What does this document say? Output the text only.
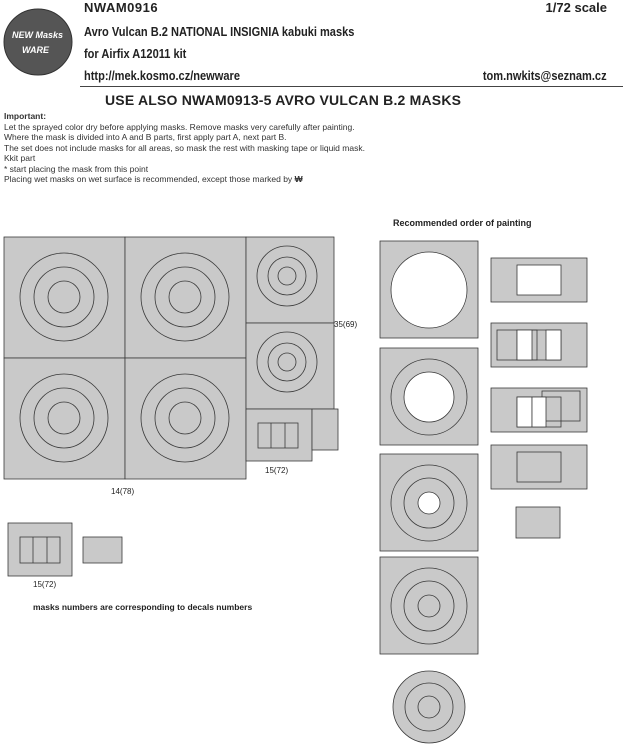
NEW Masks
WARE
NWAM0916	1/72 scale
Avro Vulcan B.2 NATIONAL INSIGNIA kabuki masks
for Airfix A12011 kit
http://mek.kosmo.cz/newware	tom.nwkits@seznam.cz
USE ALSO NWAM0913-5 AVRO VULCAN B.2 MASKS
Important:
Let the sprayed color dry before applying masks. Remove masks very carefully after painting.
Where the mask is divided into A and B parts, first apply part A, next part B.
The set does not include masks for all areas, so mask the rest with masking tape or liquid mask.
Kkit part
* start placing the mask from this point
Placing wet masks on wet surface is recommended, except those marked by ₩
Recommended order of painting
35(69)
14(78)
15(72)
15(72)
masks numbers are corresponding to decals numbers
